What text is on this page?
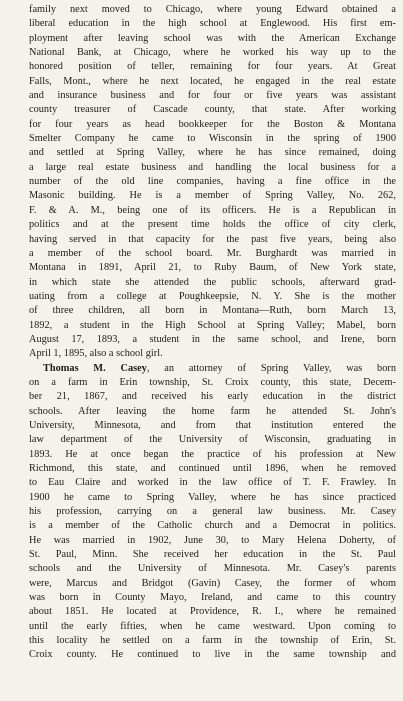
family next moved to Chicago, where young Edward obtained a
liberal education in the high school at Englewood. His first em-
ployment after leaving school was with the American Exchange
National Bank, at Chicago, where he worked his way up to the
honored position of teller, remaining for four years. At Great
Falls, Mont., where he next located, he engaged in the real estate
and insurance business and for four or five years was assistant
county treasurer of Cascade county, that state. After working
for four years as head bookkeeper for the Boston & Montana
Smelter Company he came to Wisconsin in the spring of 1900
and settled at Spring Valley, where he has since remained, doing
a large real estate business and handling the local business for a
number of the old line companies, having a fine office in the
Masonic building. He is a member of Spring Valley, No. 262,
F. & A. M., being one of its officers. He is a Republican in
politics and at the present time holds the office of city clerk,
having served in that capacity for the past five years, being also
a member of the school board. Mr. Burghardt was married in
Montana in 1891, April 21, to Ruby Baum, of New York state,
in which state she attended the public schools, afterward grad-
uating from a college at Poughkeepsie, N. Y. She is the mother
of three children, all born in Montana—Ruth, born March 13,
1892, a student in the High School at Spring Valley; Mabel, born
August 17, 1893, a student in the same school, and Irene, born
April 1, 1895, also a school girl.
Thomas M. Casey, an attorney of Spring Valley, was born
on a farm in Erin township, St. Croix county, this state, Decem-
ber 21, 1867, and received his early education in the district
schools. After leaving the home farm he attended St. John's
University, Minnesota, and from that institution entered the
law department of the University of Wisconsin, graduating in
1893. He at once began the practice of his profession at New
Richmond, this state, and continued until 1896, when he removed
to Eau Claire and worked in the law office of T. F. Frawley. In
1900 he came to Spring Valley, where he has since practiced
his profession, carrying on a general law business. Mr. Casey
is a member of the Catholic church and a Democrat in politics.
He was married in 1902, June 30, to Mary Helena Doherty, of
St. Paul, Minn. She received her education in the St. Paul
schools and the University of Minnesota. Mr. Casey's parents
were, Marcus and Bridgot (Gavin) Casey, the former of whom
was born in County Mayo, Ireland, and came to this country
about 1851. He located at Providence, R. I., where he remained
until the early fifties, when he came westward. Upon coming to
this locality he settled on a farm in the township of Erin, St.
Croix county. He continued to live in the same township and
